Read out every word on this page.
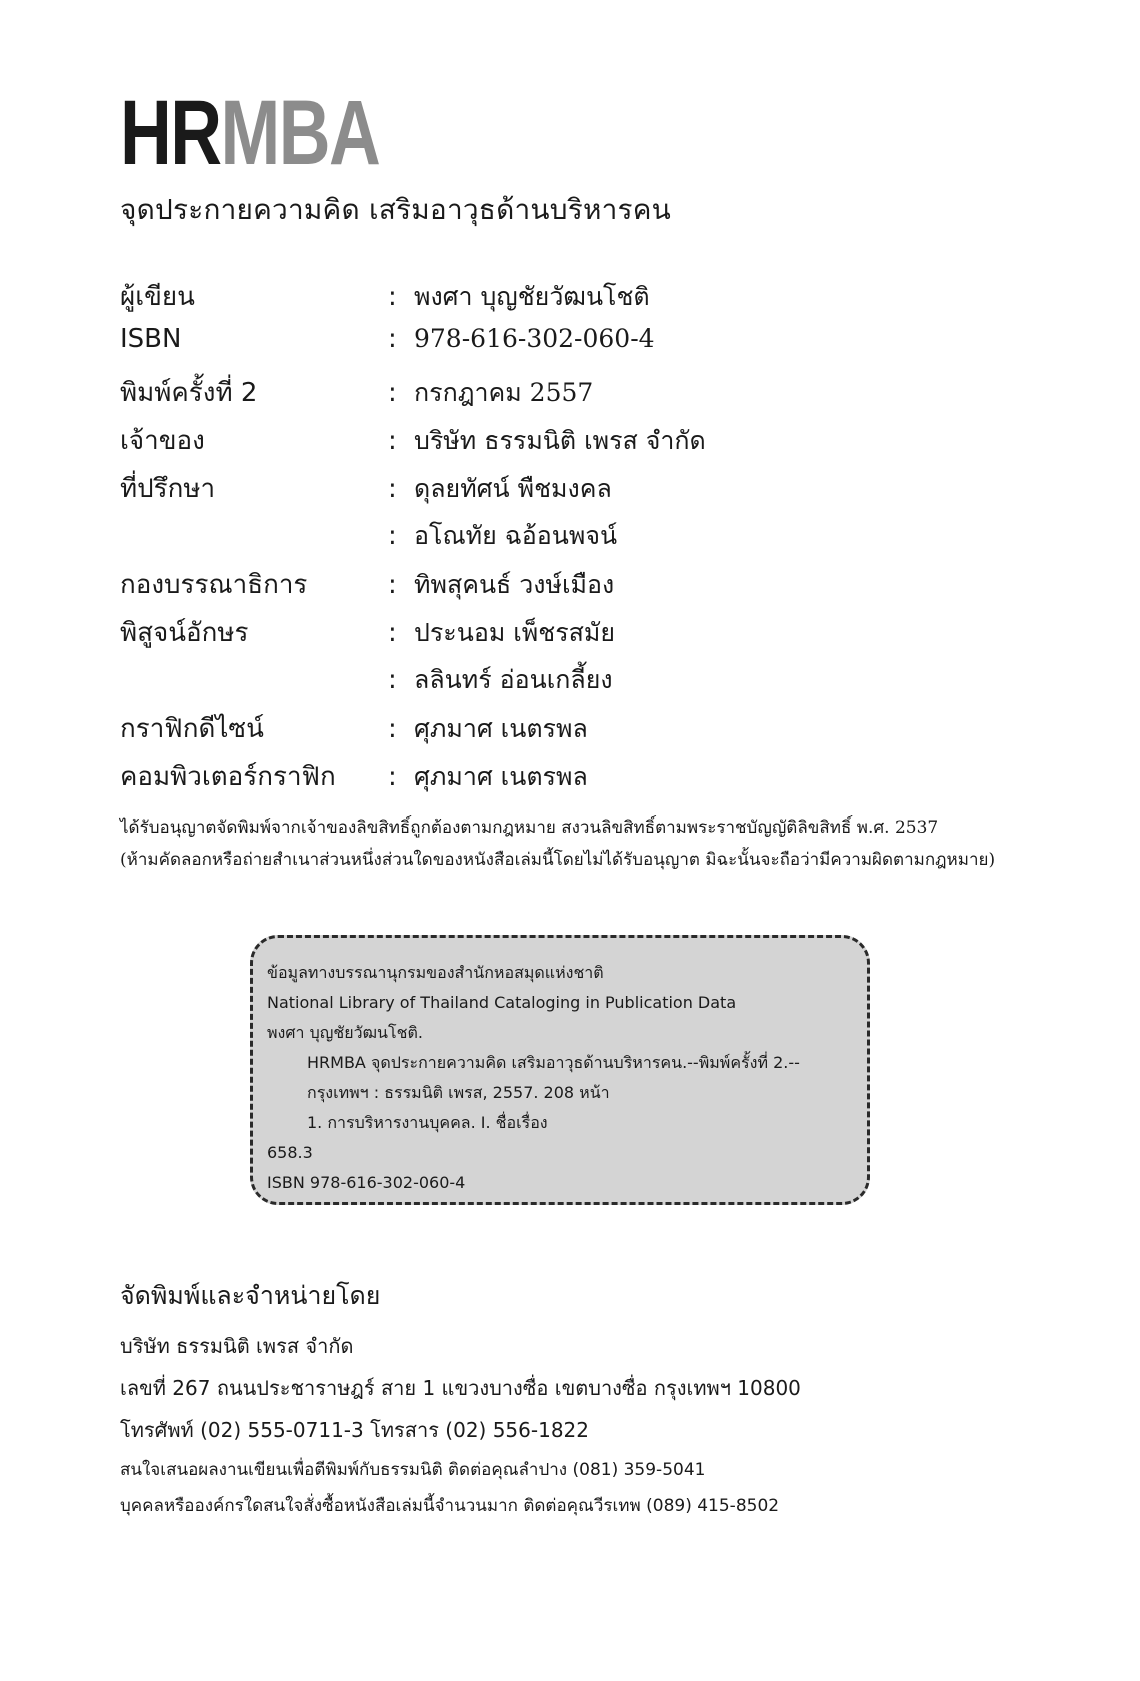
HRMBA
จุดประกายความคิด เสริมอาวุธด้านบริหารคน
ผู้เขียน	: พงศา บุญชัยวัฒนโชติ
ISBN	: 978-616-302-060-4
พิมพ์ครั้งที่ 2	: กรกฎาคม 2557
เจ้าของ	: บริษัท ธรรมนิติ เพรส จำกัด
ที่ปรึกษา	: ดุลยทัศน์ พืชมงคล
: อโณทัย ฉอ้อนพจน์
กองบรรณาธิการ	: ทิพสุคนธ์ วงษ์เมือง
พิสูจน์อักษร	: ประนอม เพ็ชรสมัย
: ลลินทร์ อ่อนเกลี้ยง
กราฟิกดีไซน์	: ศุภมาศ เนตรพล
คอมพิวเตอร์กราฟิก	: ศุภมาศ เนตรพล
ได้รับอนุญาตจัดพิมพ์จากเจ้าของลิขสิทธิ์ถูกต้องตามกฎหมาย สงวนลิขสิทธิ์ตามพระราชบัญญัติลิขสิทธิ์ พ.ศ. 2537
(ห้ามคัดลอกหรือถ่ายสำเนาส่วนหนึ่งส่วนใดของหนังสือเล่มนี้โดยไม่ได้รับอนุญาต มิฉะนั้นจะถือว่ามีความผิดตามกฎหมาย)
ข้อมูลทางบรรณานุกรมของสำนักหอสมุดแห่งชาติ
National Library of Thailand Cataloging in Publication Data
พงศา บุญชัยวัฒนโชติ.
HRMBA จุดประกายความคิด เสริมอาวุธด้านบริหารคน.--พิมพ์ครั้งที่ 2.--
กรุงเทพฯ : ธรรมนิติ เพรส, 2557. 208 หน้า
1. การบริหารงานบุคคล. I. ชื่อเรื่อง
658.3
ISBN 978-616-302-060-4
จัดพิมพ์และจำหน่ายโดย
บริษัท ธรรมนิติ เพรส จำกัด
เลขที่ 267 ถนนประชาราษฎร์ สาย 1 แขวงบางซื่อ เขตบางซื่อ กรุงเทพฯ 10800
โทรศัพท์ (02) 555-0711-3 โทรสาร (02) 556-1822
สนใจเสนอผลงานเขียนเพื่อตีพิมพ์กับธรรมนิติ ติดต่อคุณลำปาง (081) 359-5041
บุคคลหรือองค์กรใดสนใจสั่งซื้อหนังสือเล่มนี้จำนวนมาก ติดต่อคุณวีรเทพ (089) 415-8502
